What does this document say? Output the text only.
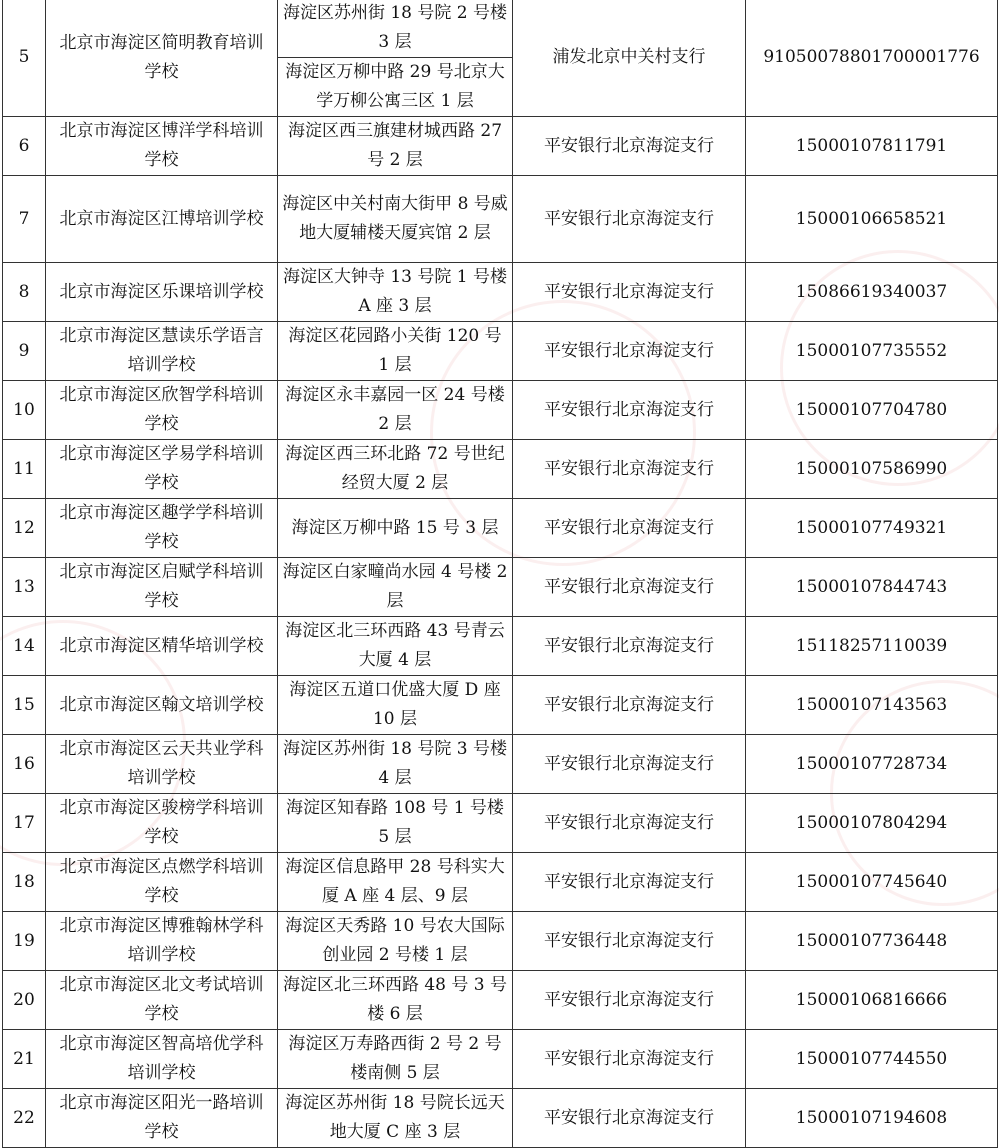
5	北京市海淀区简明教育培训学校	海淀区苏州街 18 号院 2 号楼 3 层	浦发北京中关村支行	91050078801700001776
		海淀区万柳中路 29 号北京大学万柳公寓三区 1 层		
6	北京市海淀区博洋学科培训学校	海淀区西三旗建材城西路 27 号 2 层	平安银行北京海淀支行	15000107811791
7	北京市海淀区江博培训学校	海淀区中关村南大街甲 8 号威地大厦辅楼天厦宾馆 2 层	平安银行北京海淀支行	15000106658521
8	北京市海淀区乐课培训学校	海淀区大钟寺 13 号院 1 号楼 A 座 3 层	平安银行北京海淀支行	15086619340037
9	北京市海淀区慧读乐学语言培训学校	海淀区花园路小关街 120 号 1 层	平安银行北京海淀支行	15000107735552
10	北京市海淀区欣智学科培训学校	海淀区永丰嘉园一区 24 号楼 2 层	平安银行北京海淀支行	15000107704780
11	北京市海淀区学易学科培训学校	海淀区西三环北路 72 号世纪经贸大厦 2 层	平安银行北京海淀支行	15000107586990
12	北京市海淀区趣学学科培训学校	海淀区万柳中路 15 号 3 层	平安银行北京海淀支行	15000107749321
13	北京市海淀区启赋学科培训学校	海淀区白家疃尚水园 4 号楼 2 层	平安银行北京海淀支行	15000107844743
14	北京市海淀区精华培训学校	海淀区北三环西路 43 号青云大厦 4 层	平安银行北京海淀支行	15118257110039
15	北京市海淀区翰文培训学校	海淀区五道口优盛大厦 D 座 10 层	平安银行北京海淀支行	15000107143563
16	北京市海淀区云天共业学科培训学校	海淀区苏州街 18 号院 3 号楼 4 层	平安银行北京海淀支行	15000107728734
17	北京市海淀区骏榜学科培训学校	海淀区知春路 108 号 1 号楼 5 层	平安银行北京海淀支行	15000107804294
18	北京市海淀区点燃学科培训学校	海淀区信息路甲 28 号科实大厦 A 座 4 层、9 层	平安银行北京海淀支行	15000107745640
19	北京市海淀区博雅翰林学科培训学校	海淀区天秀路 10 号农大国际创业园 2 号楼 1 层	平安银行北京海淀支行	15000107736448
20	北京市海淀区北文考试培训学校	海淀区北三环西路 48 号 3 号楼 6 层	平安银行北京海淀支行	15000106816666
21	北京市海淀区智高培优学科培训学校	海淀区万寿路西街 2 号 2 号楼南侧 5 层	平安银行北京海淀支行	15000107744550
22	北京市海淀区阳光一路培训学校	海淀区苏州街 18 号院长远天地大厦 C 座 3 层	平安银行北京海淀支行	15000107194608
